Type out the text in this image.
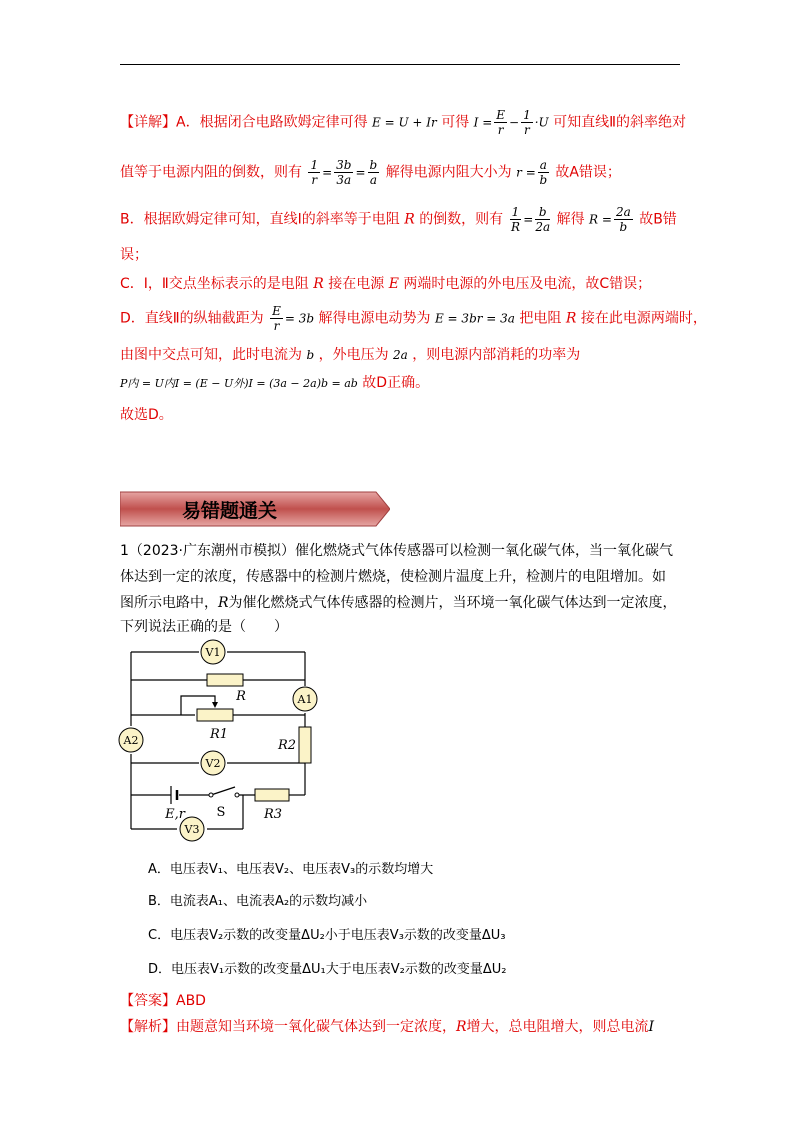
【详解】A．根据闭合电路欧姆定律可得 E = U + Ir 可得 $I = \frac{E}{r} - \frac{1}{r} \cdot U$ 可知直线Ⅱ的斜率绝对
值等于电源内阻的倒数，则有 $\frac{1}{r} = \frac{3b}{3a} = \frac{b}{a}$ 解得电源内阻大小为 $r = \frac{a}{b}$ 故A错误；
B．根据欧姆定律可知，直线Ⅰ的斜率等于电阻 R 的倒数，则有 $\frac{1}{R} = \frac{b}{2a}$ 解得 $R = \frac{2a}{b}$ 故B错
误；
C．Ⅰ，Ⅱ交点坐标表示的是电阻 R 接在电源 E 两端时电源的外电压及电流，故C错误；
D．直线Ⅱ的纵轴截距为 $\frac{E}{r} = 3b$ 解得电源电动势为 E = 3br = 3a 把电阻 R 接在此电源两端时，
由图中交点可知，此时电流为 b ，外电压为 2a ，则电源内部消耗的功率为
P内 = U内I = (E − U外)I = (3a − 2a)b = ab 故D正确。
故选D。
易错题通关
1（2023·广东潮州市模拟）催化燃烧式气体传感器可以检测一氧化碳气体，当一氧化碳气
体达到一定的浓度，传感器中的检测片燃烧，使检测片温度上升，检测片的电阻增加。如
图所示电路中，R为催化燃烧式气体传感器的检测片，当环境一氧化碳气体达到一定浓度，
下列说法正确的是（　　）
V1
A1
A2
V2
V3
R
R1
R2
R3
E,r S
A．电压表V₁、电压表V₂、电压表V₃的示数均增大
B．电流表A₁、电流表A₂的示数均减小
C．电压表V₂示数的改变量ΔU₂小于电压表V₃示数的改变量ΔU₃
D．电压表V₁示数的改变量ΔU₁大于电压表V₂示数的改变量ΔU₂
【答案】ABD
【解析】由题意知当环境一氧化碳气体达到一定浓度，R增大，总电阻增大，则总电流I
